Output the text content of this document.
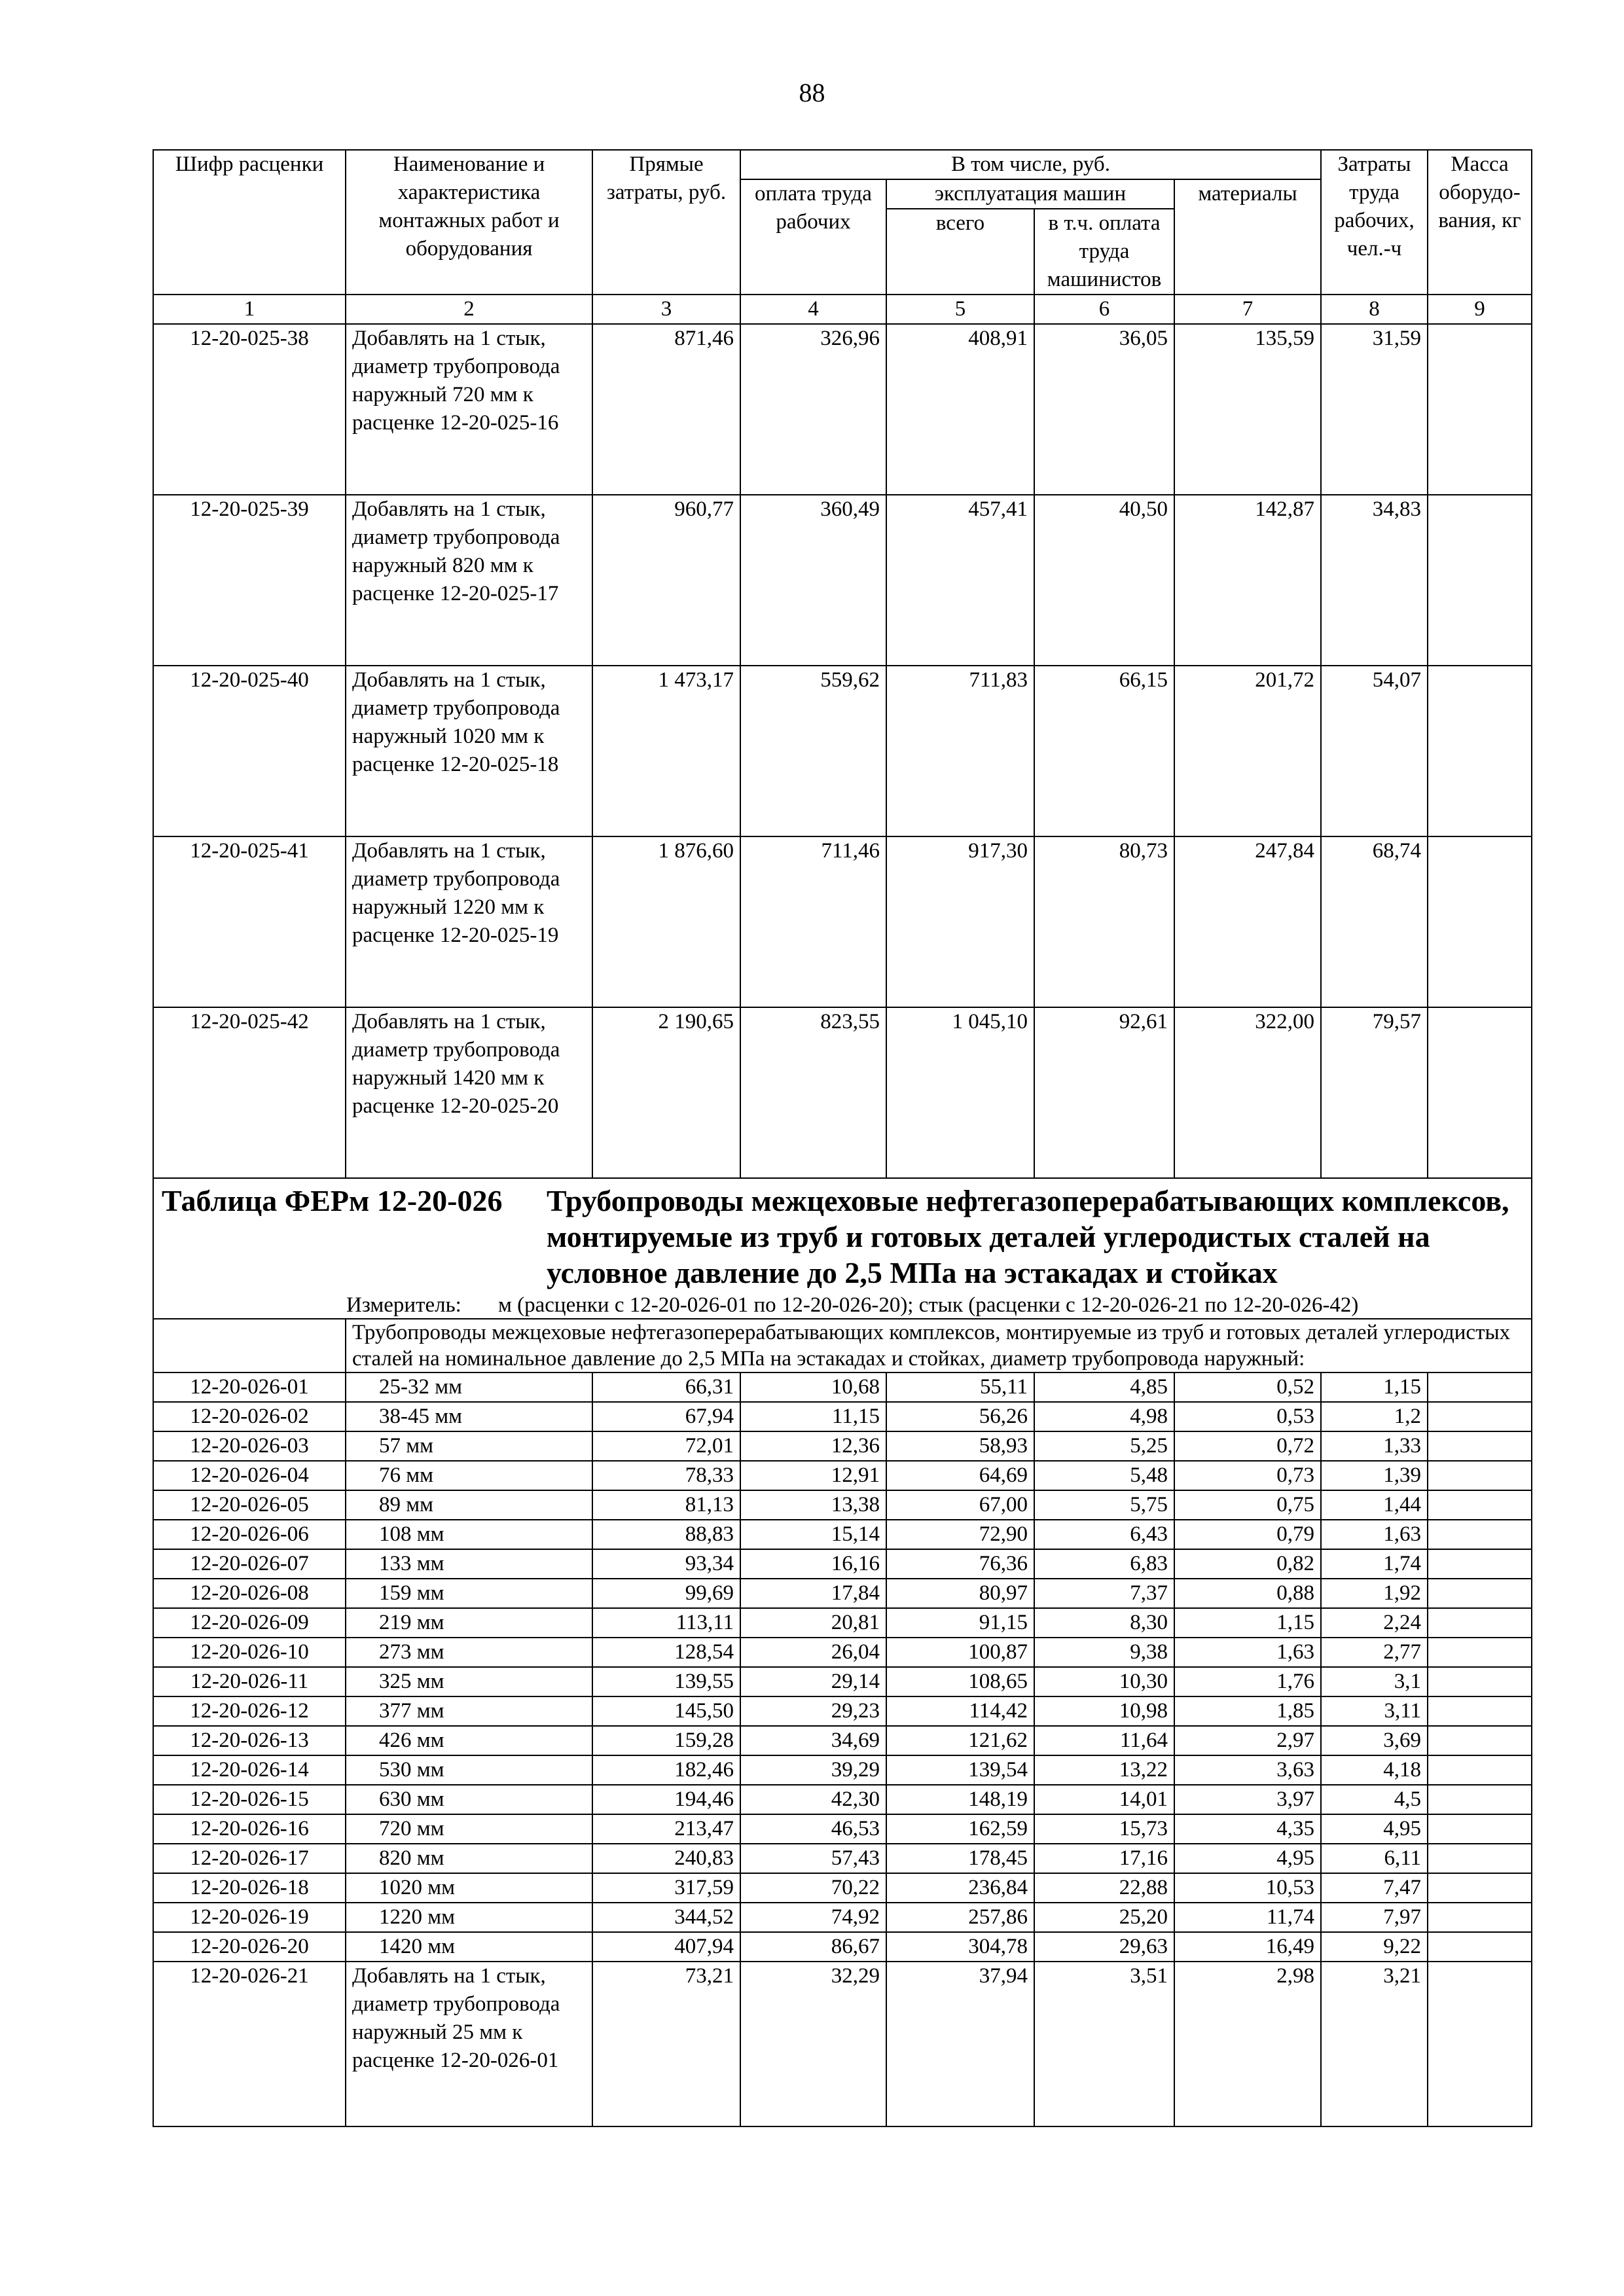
88
Шифр расценки	Наименование и характеристика монтажных работ и оборудования	Прямые затраты, руб.	В том числе, руб.				Затраты труда рабочих, чел.-ч	Масса оборудо-вания, кг
			оплата труда рабочих	эксплуатация машин		материалы		
				всего	в т.ч. оплата труда машинистов			
1	2	3	4	5	6	7	8	9
12-20-025-38	Добавлять на 1 стык, диаметр трубопровода наружный 720 мм к расценке 12-20-025-16	871,46	326,96	408,91	36,05	135,59	31,59	
12-20-025-39	Добавлять на 1 стык, диаметр трубопровода наружный 820 мм к расценке 12-20-025-17	960,77	360,49	457,41	40,50	142,87	34,83	
12-20-025-40	Добавлять на 1 стык, диаметр трубопровода наружный 1020 мм к расценке 12-20-025-18	1 473,17	559,62	711,83	66,15	201,72	54,07	
12-20-025-41	Добавлять на 1 стык, диаметр трубопровода наружный 1220 мм к расценке 12-20-025-19	1 876,60	711,46	917,30	80,73	247,84	68,74	
12-20-025-42	Добавлять на 1 стык, диаметр трубопровода наружный 1420 мм к расценке 12-20-025-20	2 190,65	823,55	1 045,10	92,61	322,00	79,57	

Таблица ФЕРм 12-20-026 Трубопроводы межцеховые нефтегазоперерабатывающих комплексов, монтируемые из труб и готовых деталей углеродистых сталей на условное давление до 2,5 МПа на эстакадах и стойках
Измеритель: м (расценки с 12-20-026-01 по 12-20-026-20); стык (расценки с 12-20-026-21 по 12-20-026-42)								

	Трубопроводы межцеховые нефтегазоперерабатывающих комплексов, монтируемые из труб и готовых деталей углеродистых сталей на номинальное давление до 2,5 МПа на эстакадах и стойках, диаметр трубопровода наружный:							
12-20-026-01	25-32 мм	66,31	10,68	55,11	4,85	0,52	1,15	
12-20-026-02	38-45 мм	67,94	11,15	56,26	4,98	0,53	1,2	
12-20-026-03	57 мм	72,01	12,36	58,93	5,25	0,72	1,33	
12-20-026-04	76 мм	78,33	12,91	64,69	5,48	0,73	1,39	
12-20-026-05	89 мм	81,13	13,38	67,00	5,75	0,75	1,44	
12-20-026-06	108 мм	88,83	15,14	72,90	6,43	0,79	1,63	
12-20-026-07	133 мм	93,34	16,16	76,36	6,83	0,82	1,74	
12-20-026-08	159 мм	99,69	17,84	80,97	7,37	0,88	1,92	
12-20-026-09	219 мм	113,11	20,81	91,15	8,30	1,15	2,24	
12-20-026-10	273 мм	128,54	26,04	100,87	9,38	1,63	2,77	
12-20-026-11	325 мм	139,55	29,14	108,65	10,30	1,76	3,1	
12-20-026-12	377 мм	145,50	29,23	114,42	10,98	1,85	3,11	
12-20-026-13	426 мм	159,28	34,69	121,62	11,64	2,97	3,69	
12-20-026-14	530 мм	182,46	39,29	139,54	13,22	3,63	4,18	
12-20-026-15	630 мм	194,46	42,30	148,19	14,01	3,97	4,5	
12-20-026-16	720 мм	213,47	46,53	162,59	15,73	4,35	4,95	
12-20-026-17	820 мм	240,83	57,43	178,45	17,16	4,95	6,11	
12-20-026-18	1020 мм	317,59	70,22	236,84	22,88	10,53	7,47	
12-20-026-19	1220 мм	344,52	74,92	257,86	25,20	11,74	7,97	
12-20-026-20	1420 мм	407,94	86,67	304,78	29,63	16,49	9,22	
12-20-026-21	Добавлять на 1 стык, диаметр трубопровода наружный 25 мм к расценке 12-20-026-01	73,21	32,29	37,94	3,51	2,98	3,21	
